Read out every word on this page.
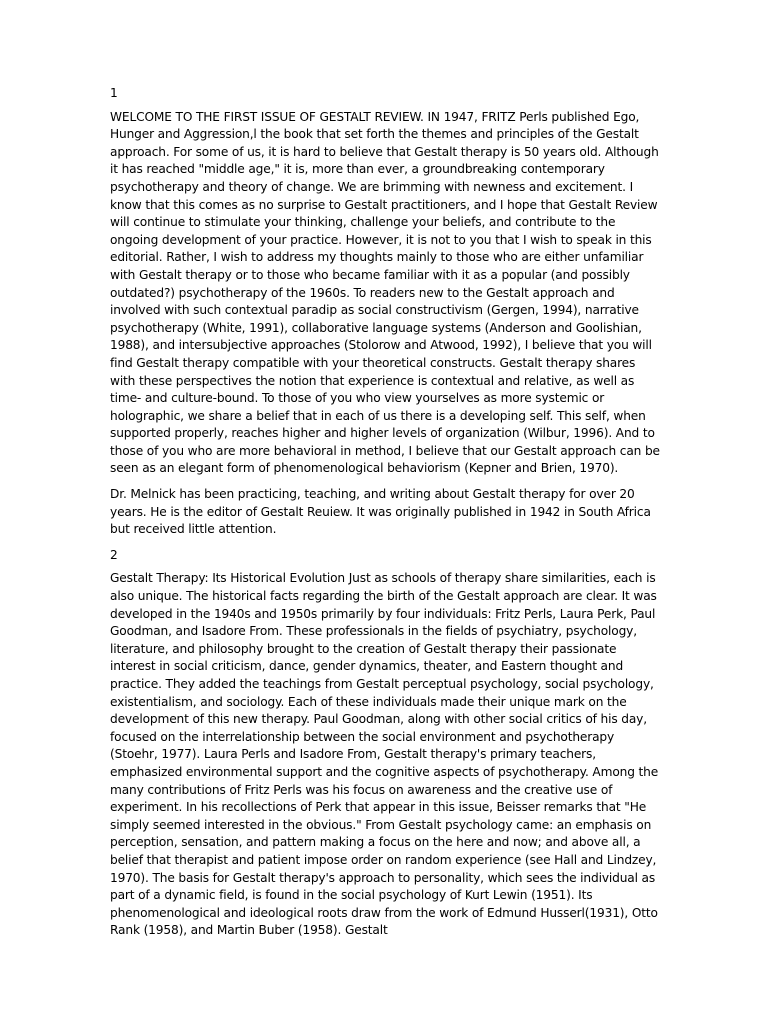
1

WELCOME TO THE FIRST ISSUE OF GESTALT REVIEW. IN 1947, FRITZ Perls published Ego, Hunger and Aggression,l the book that set forth the themes and principles of the Gestalt approach. For some of us, it is hard to believe that Gestalt therapy is 50 years old. Although it has reached "middle age," it is, more than ever, a groundbreaking contemporary psychotherapy and theory of change. We are brimming with newness and excitement. I know that this comes as no surprise to Gestalt practitioners, and I hope that Gestalt Review will continue to stimulate your thinking, challenge your beliefs, and contribute to the ongoing development of your practice. However, it is not to you that I wish to speak in this editorial. Rather, I wish to address my thoughts mainly to those who are either unfamiliar with Gestalt therapy or to those who became familiar with it as a popular (and possibly outdated?) psychotherapy of the 1960s. To readers new to the Gestalt approach and involved with such contextual paradip as social constructivism (Gergen, 1994), narrative psychotherapy (White, 1991), collaborative language systems (Anderson and Goolishian, 1988), and intersubjective approaches (Stolorow and Atwood, 1992), I believe that you will find Gestalt therapy compatible with your theoretical constructs. Gestalt therapy shares with these perspectives the notion that experience is contextual and relative, as well as time- and culture-bound. To those of you who view yourselves as more systemic or holographic, we share a belief that in each of us there is a developing self. This self, when supported properly, reaches higher and higher levels of organization (Wilbur, 1996). And to those of you who are more behavioral in method, I believe that our Gestalt approach can be seen as an elegant form of phenomenological behaviorism (Kepner and Brien, 1970).

Dr. Melnick has been practicing, teaching, and writing about Gestalt therapy for over 20 years. He is the editor of Gestalt Reuiew. It was originally published in 1942 in South Africa but received little attention.

2

Gestalt Therapy: Its Historical Evolution Just as schools of therapy share similarities, each is also unique. The historical facts regarding the birth of the Gestalt approach are clear. It was developed in the 1940s and 1950s primarily by four individuals: Fritz Perls, Laura Perk, Paul Goodman, and Isadore From. These professionals in the fields of psychiatry, psychology, literature, and philosophy brought to the creation of Gestalt therapy their passionate interest in social criticism, dance, gender dynamics, theater, and Eastern thought and practice. They added the teachings from Gestalt perceptual psychology, social psychology, existentialism, and sociology. Each of these individuals made their unique mark on the development of this new therapy. Paul Goodman, along with other social critics of his day, focused on the interrelationship between the social environment and psychotherapy (Stoehr, 1977). Laura Perls and Isadore From, Gestalt therapy's primary teachers, emphasized environmental support and the cognitive aspects of psychotherapy. Among the many contributions of Fritz Perls was his focus on awareness and the creative use of experiment. In his recollections of Perk that appear in this issue, Beisser remarks that "He simply seemed interested in the obvious." From Gestalt psychology came: an emphasis on perception, sensation, and pattern making a focus on the here and now; and above all, a belief that therapist and patient impose order on random experience (see Hall and Lindzey, 1970). The basis for Gestalt therapy's approach to personality, which sees the individual as part of a dynamic field, is found in the social psychology of Kurt Lewin (1951). Its phenomenological and ideological roots draw from the work of Edmund Husserl(1931), Otto Rank (1958), and Martin Buber (1958). Gestalt
